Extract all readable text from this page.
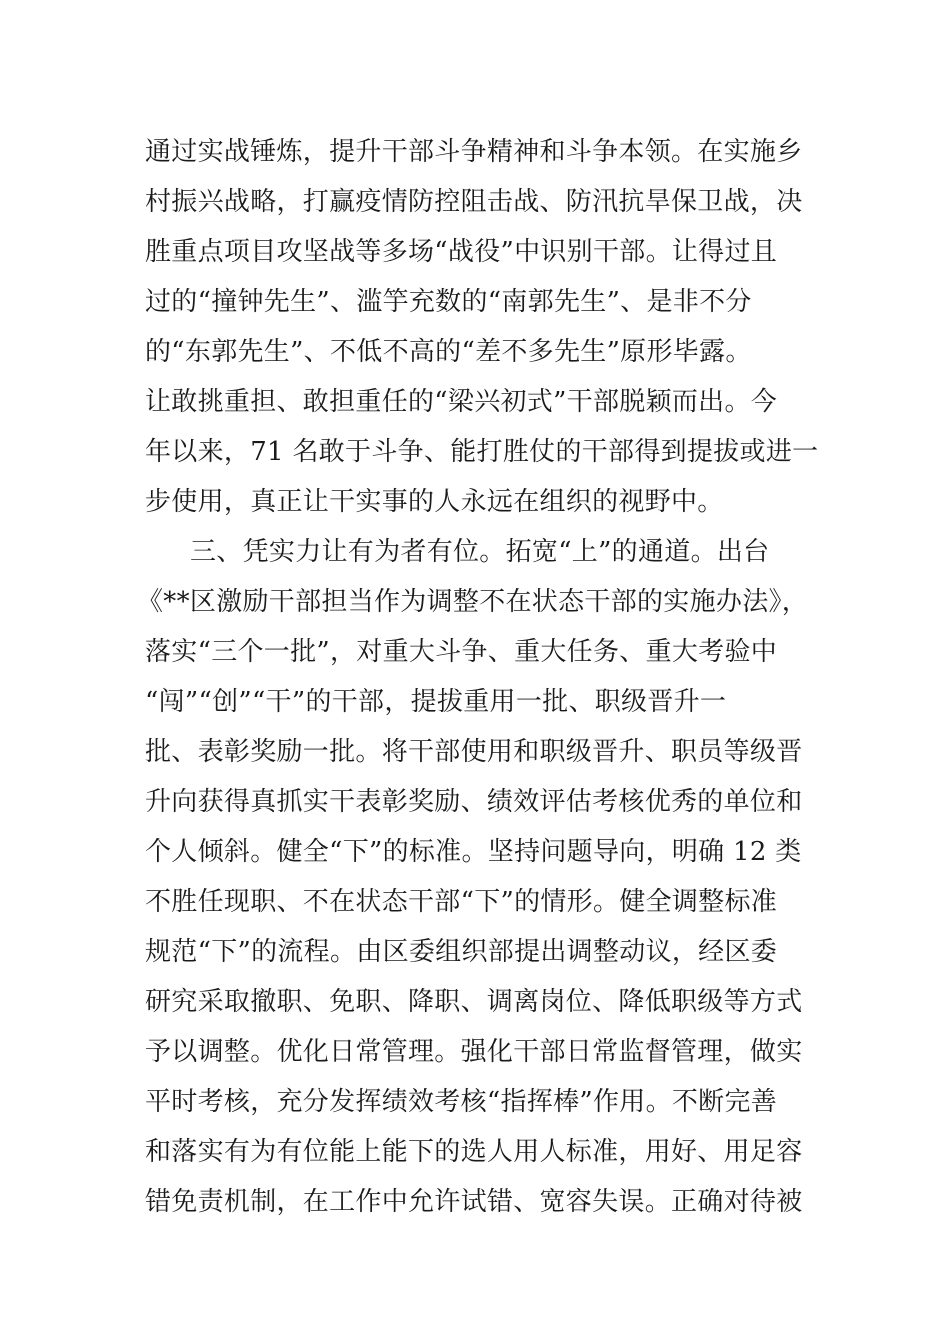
通过实战锤炼，提升干部斗争精神和斗争本领。在实施乡
村振兴战略，打赢疫情防控阻击战、防汛抗旱保卫战，决
胜重点项目攻坚战等多场“战役”中识别干部。让得过且
过的“撞钟先生”、滥竽充数的“南郭先生”、是非不分
的“东郭先生”、不低不高的“差不多先生”原形毕露。
让敢挑重担、敢担重任的“梁兴初式”干部脱颖而出。今
年以来，71 名敢于斗争、能打胜仗的干部得到提拔或进一
步使用，真正让干实事的人永远在组织的视野中。
三、凭实力让有为者有位。拓宽“上”的通道。出台
《**区激励干部担当作为调整不在状态干部的实施办法》，
落实“三个一批”，对重大斗争、重大任务、重大考验中
“闯”“创”“干”的干部，提拔重用一批、职级晋升一
批、表彰奖励一批。将干部使用和职级晋升、职员等级晋
升向获得真抓实干表彰奖励、绩效评估考核优秀的单位和
个人倾斜。健全“下”的标准。坚持问题导向，明确 12 类
不胜任现职、不在状态干部“下”的情形。健全调整标准
规范“下”的流程。由区委组织部提出调整动议，经区委
研究采取撤职、免职、降职、调离岗位、降低职级等方式
予以调整。优化日常管理。强化干部日常监督管理，做实
平时考核，充分发挥绩效考核“指挥棒”作用。不断完善
和落实有为有位能上能下的选人用人标准，用好、用足容
错免责机制，在工作中允许试错、宽容失误。正确对待被
